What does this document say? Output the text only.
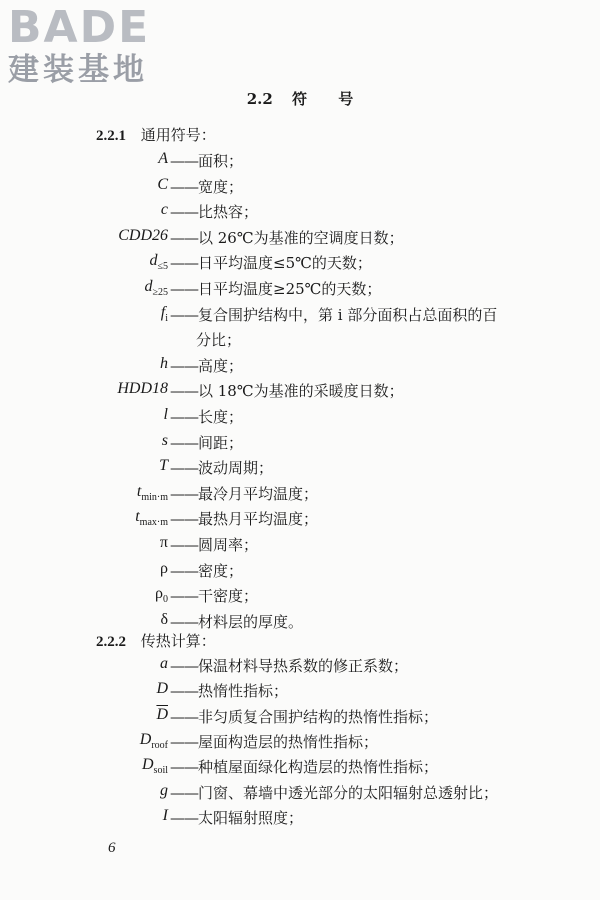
BADE
建装基地
2.2 符 号
2.2.1 通用符号：
A ——面积；
C ——宽度；
c ——比热容；
CDD26 ——以 26℃为基准的空调度日数；
$d_{\le 5}$ ——日平均温度≤5℃的天数；
$d_{\ge 25}$ ——日平均温度≥25℃的天数；
$f_i$ ——复合围护结构中，第 i 部分面积占总面积的百
分比；
h ——高度；
HDD18 ——以 18℃为基准的采暖度日数；
l ——长度；
s ——间距；
T ——波动周期；
$t_{min\cdot m}$ ——最冷月平均温度；
$t_{max\cdot m}$ ——最热月平均温度；
π ——圆周率；
ρ ——密度；
$\rho_0$ ——干密度；
δ ——材料层的厚度。
2.2.2 传热计算：
a ——保温材料导热系数的修正系数；
D ——热惰性指标；
$\overline{D}$ ——非匀质复合围护结构的热惰性指标；
$D_{roof}$ ——屋面构造层的热惰性指标；
$D_{soil}$ ——种植屋面绿化构造层的热惰性指标；
g ——门窗、幕墙中透光部分的太阳辐射总透射比；
I ——太阳辐射照度；
6
